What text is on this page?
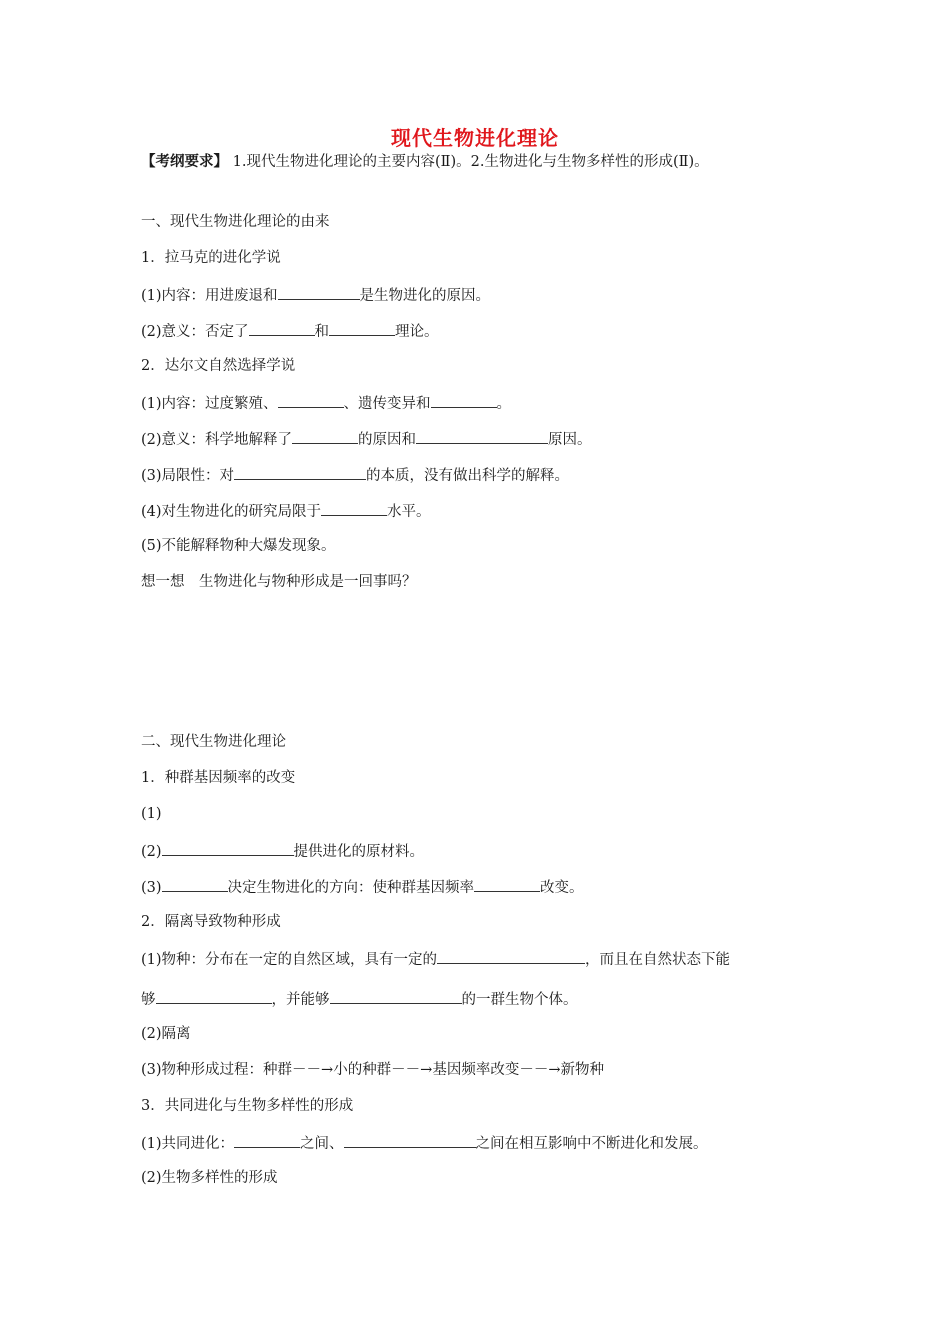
现代生物进化理论
【考纲要求】 1.现代生物进化理论的主要内容(Ⅱ)。2.生物进化与生物多样性的形成(Ⅱ)。
一、现代生物进化理论的由来
1．拉马克的进化学说
(1)内容：用进废退和	是生物进化的原因。
(2)意义：否定了	和	理论。
2．达尔文自然选择学说
(1)内容：过度繁殖、	、遗传变异和	。
(2)意义：科学地解释了	的原因和	原因。
(3)局限性：对	的本质，没有做出科学的解释。
(4)对生物进化的研究局限于	水平。
(5)不能解释物种大爆发现象。
想一想　生物进化与物种形成是一回事吗？
二、现代生物进化理论
1．种群基因频率的改变
(1)
(2)	提供进化的原材料。
(3)	决定生物进化的方向：使种群基因频率	改变。
2．隔离导致物种形成
(1)物种：分布在一定的自然区域，具有一定的	，而且在自然状态下能
够	，并能够	的一群生物个体。
(2)隔离
(3)物种形成过程：种群－－→小的种群－－→基因频率改变－－→新物种
3．共同进化与生物多样性的形成
(1)共同进化：	之间、	之间在相互影响中不断进化和发展。
(2)生物多样性的形成
